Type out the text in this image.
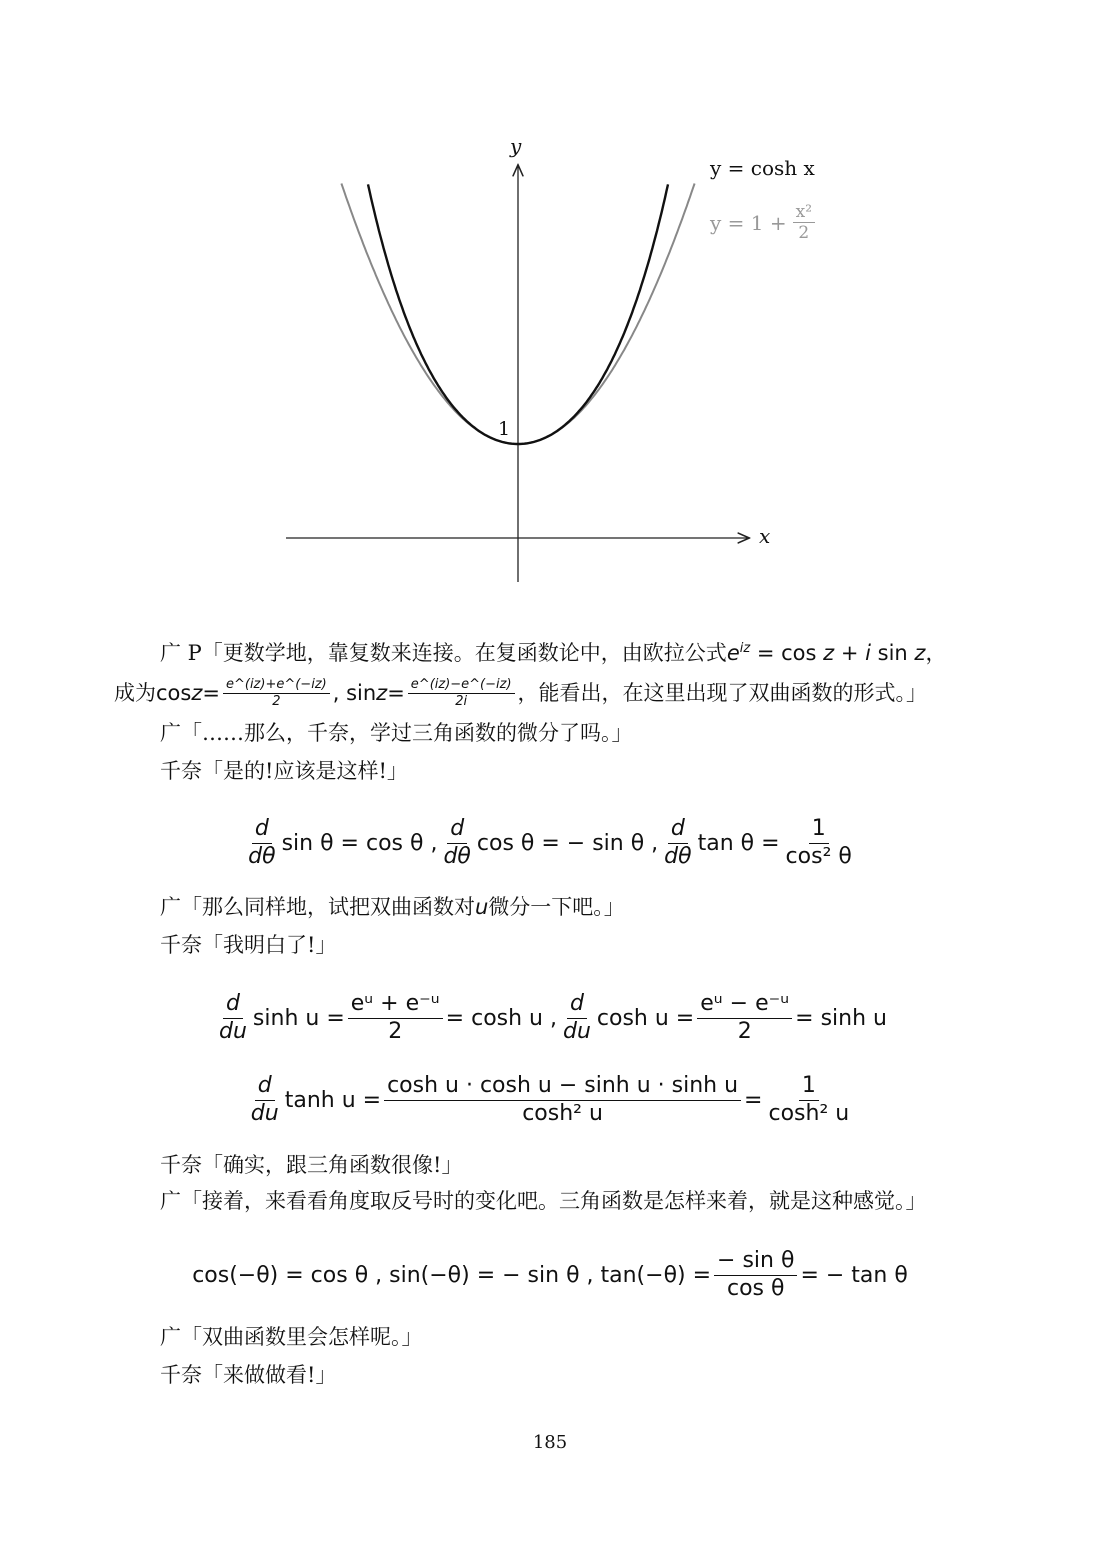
y
x
1
y = cosh x
$y = 1 + \frac{\text{x²}}{2}$
广 P「更数学地，靠复数来连接。在复函数论中，由欧拉公式$e^{iz} = \cos z + i$ sin z，
成为 $\cos z = \frac{e\^{}(iz)+e\^{}(-iz)}{2}$ , $\sin z = \frac{e\^{}(iz)-e\^{}(-iz)}{2i}$ ，能看出，在这里出现了双曲函数的形式。」
广「……那么，千奈，学过三角函数的微分了吗。」
千奈「是的!应该是这样!」
$\frac{d}{d\theta}$ sin θ = cos θ , $\frac{d}{d\theta}$ cos θ = − sin θ , $\frac{d}{d\theta}$ $\tan \theta = \frac{1}{\text{cos² θ}}$
广「那么同样地，试把双曲函数对u微分一下吧。」
千奈「我明白了!」
$\frac{d}{du}$ $\sinh u = \frac{\text{eᵘ + e⁻ᵘ}}{2} = \cosh u$ , $\frac{d}{du}$ $\cosh u = \frac{\text{eᵘ − e⁻ᵘ}}{2} = \sinh u$
$\frac{d}{du}$ $\tanh u = \frac{\text{cosh u · cosh u − sinh u · sinh u}}{\text{cosh² u}} = \frac{1}{\text{cosh² u}}$
千奈「确实，跟三角函数很像!」
广「接着，来看看角度取反号时的变化吧。三角函数是怎样来着，就是这种感觉。」
cos(−θ) = cos θ , sin(−θ) = − sin θ , $\tan(-\theta) = \frac{\text{− sin θ}}{\text{cos θ}}$ = − tan θ
广「双曲函数里会怎样呢。」
千奈「来做做看!」
185
